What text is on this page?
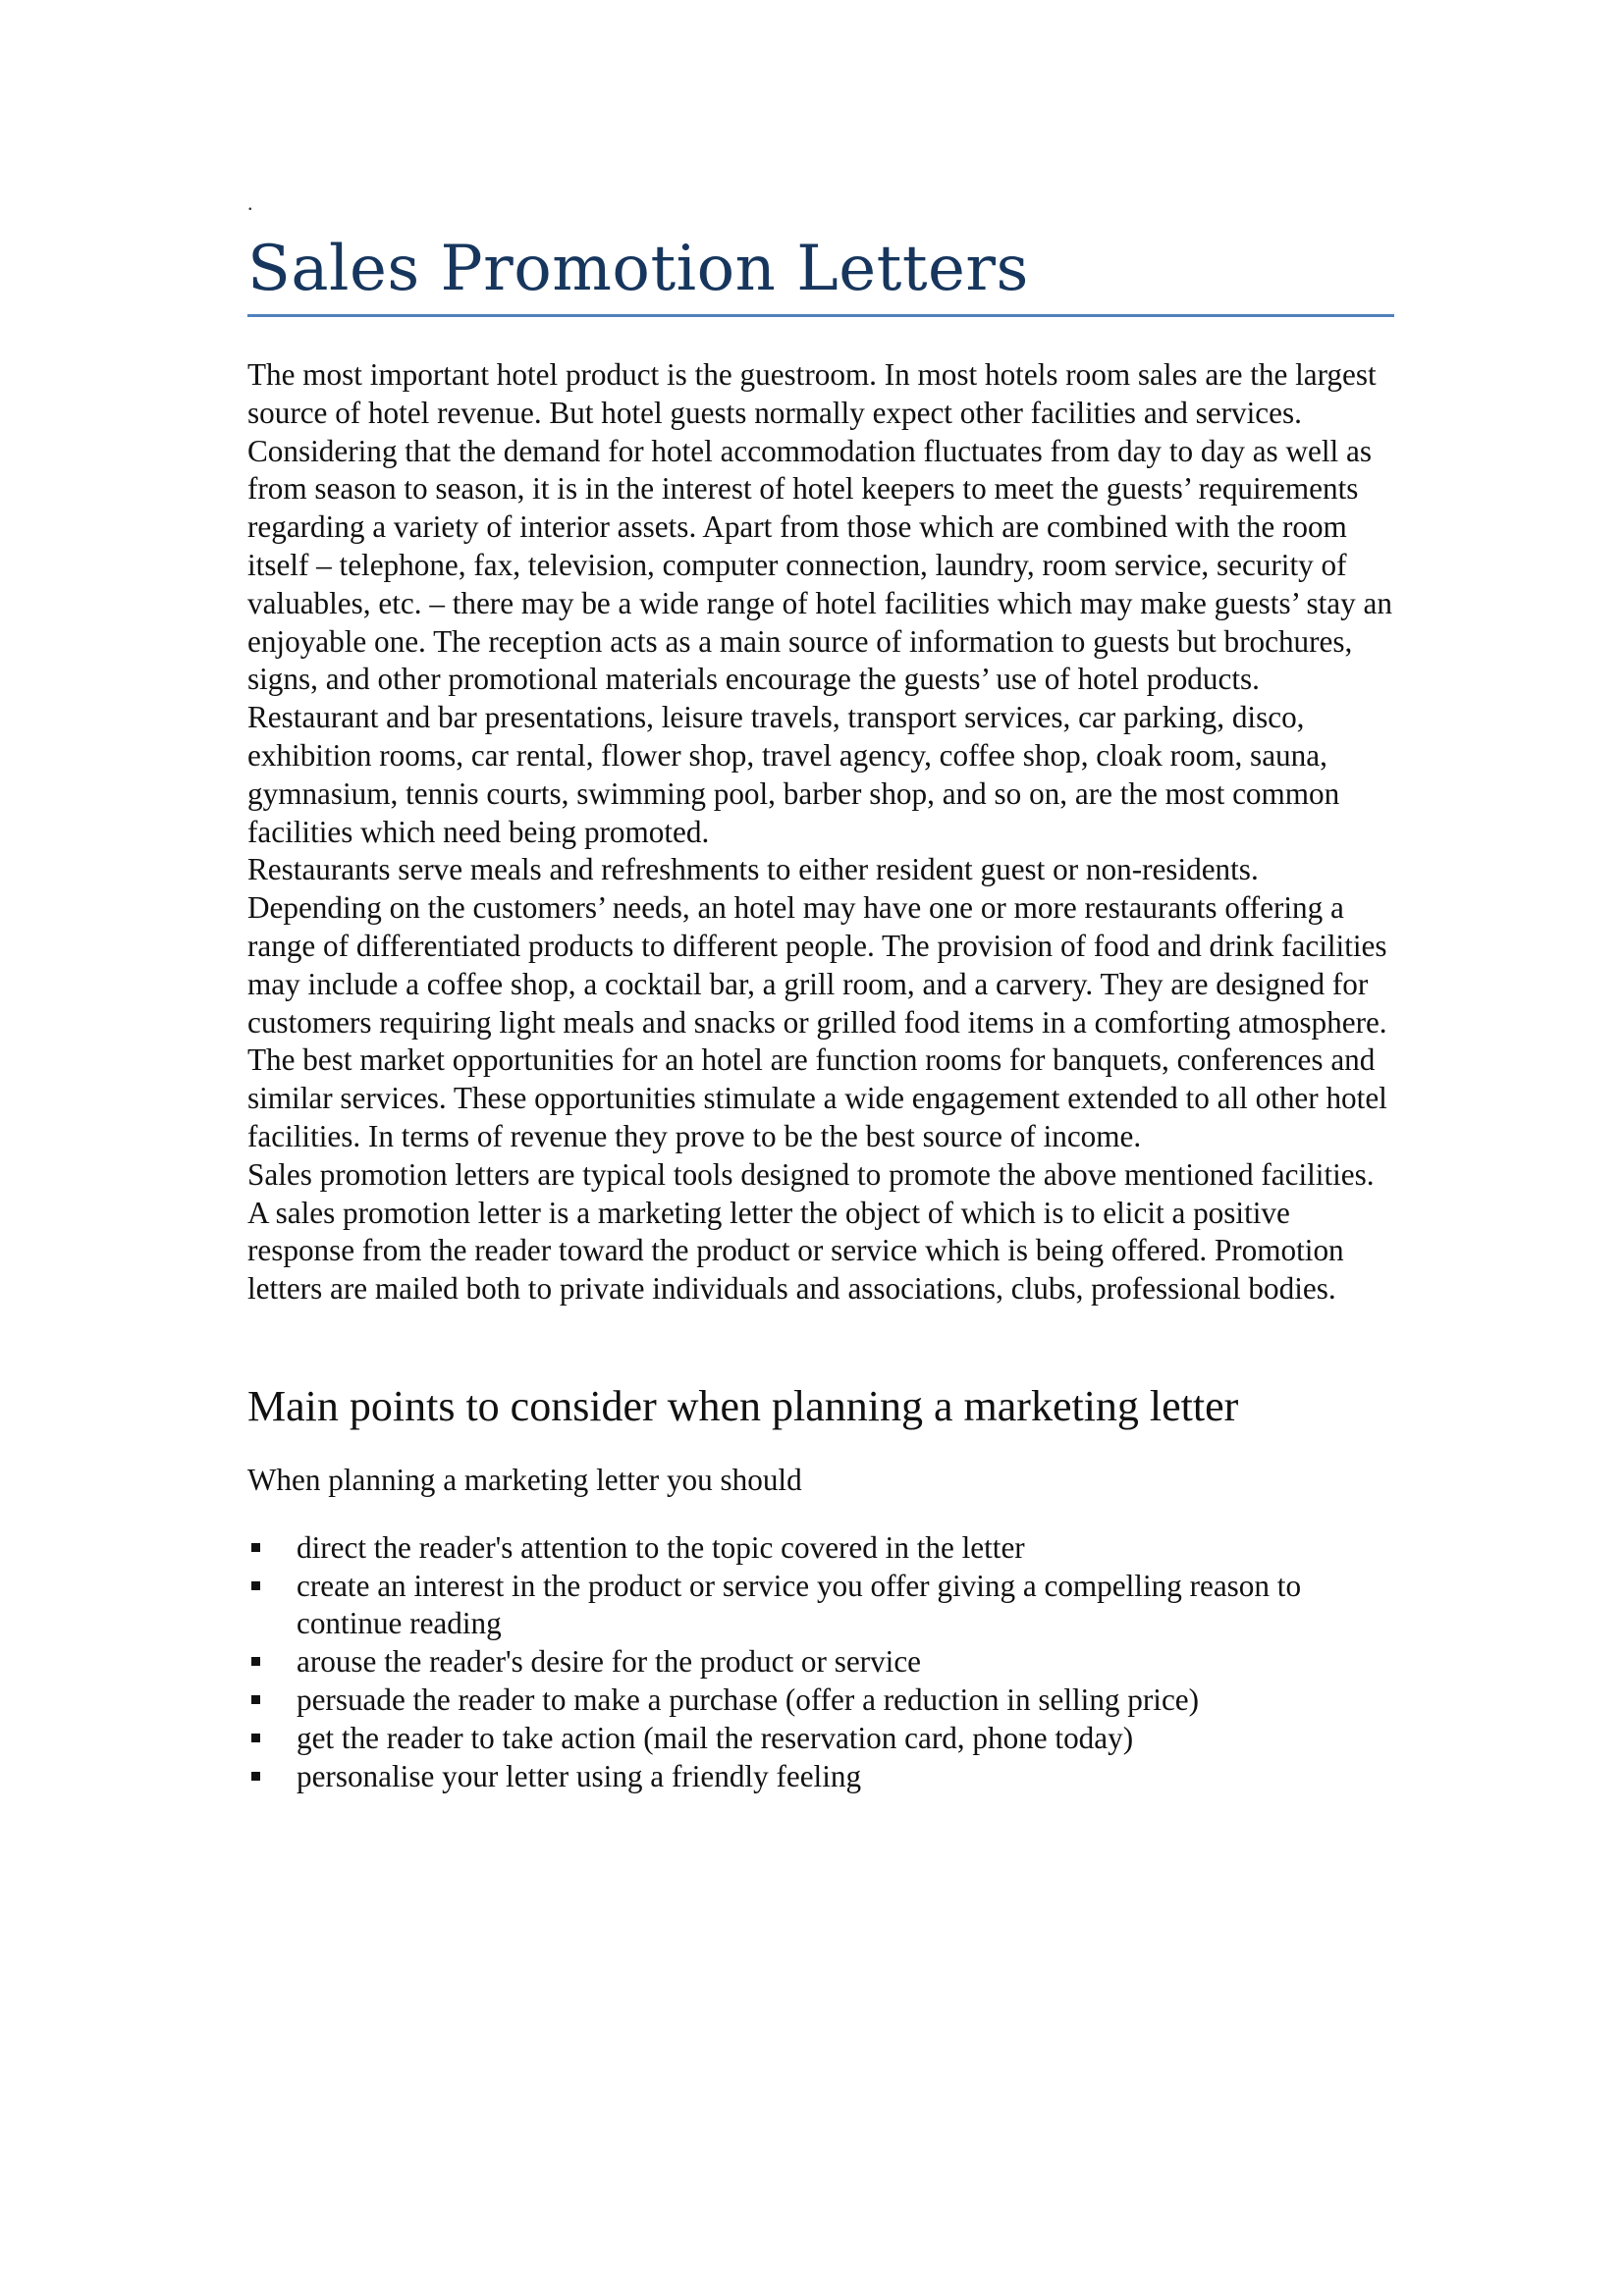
.
Sales Promotion Letters

The most important hotel product is the guestroom. In most hotels room sales are the largest source of hotel revenue. But hotel guests normally expect other facilities and services. Considering that the demand for hotel accommodation fluctuates from day to day as well as from season to season, it is in the interest of hotel keepers to meet the guests’ requirements regarding a variety of interior assets. Apart from those which are combined with the room itself – telephone, fax, television, computer connection, laundry, room service, security of valuables, etc. – there may be a wide range of hotel facilities which may make guests’ stay an enjoyable one. The reception acts as a main source of information to guests but brochures, signs, and other promotional materials encourage the guests’ use of hotel products. Restaurant and bar presentations, leisure travels, transport services, car parking, disco, exhibition rooms, car rental, flower shop, travel agency, coffee shop, cloak room, sauna, gymnasium, tennis courts, swimming pool, barber shop, and so on, are the most common facilities which need being promoted.

Restaurants serve meals and refreshments to either resident guest or non-residents. Depending on the customers’ needs, an hotel may have one or more restaurants offering a range of differentiated products to different people. The provision of food and drink facilities may include a coffee shop, a cocktail bar, a grill room, and a carvery. They are designed for customers requiring light meals and snacks or grilled food items in a comforting atmosphere.

The best market opportunities for an hotel are function rooms for banquets, conferences and similar services. These opportunities stimulate a wide engagement extended to all other hotel facilities. In terms of revenue they prove to be the best source of income.

Sales promotion letters are typical tools designed to promote the above mentioned facilities. A sales promotion letter is a marketing letter the object of which is to elicit a positive response from the reader toward the product or service which is being offered. Promotion letters are mailed both to private individuals and associations, clubs, professional bodies.

Main points to consider when planning a marketing letter

When planning a marketing letter you should

direct the reader's attention to the topic covered in the letter
create an interest in the product or service you offer giving a compelling reason to continue reading
arouse the reader's desire for the product or service
persuade the reader to make a purchase (offer a reduction in selling price)
get the reader to take action (mail the reservation card, phone today)
personalise your letter using a friendly feeling
